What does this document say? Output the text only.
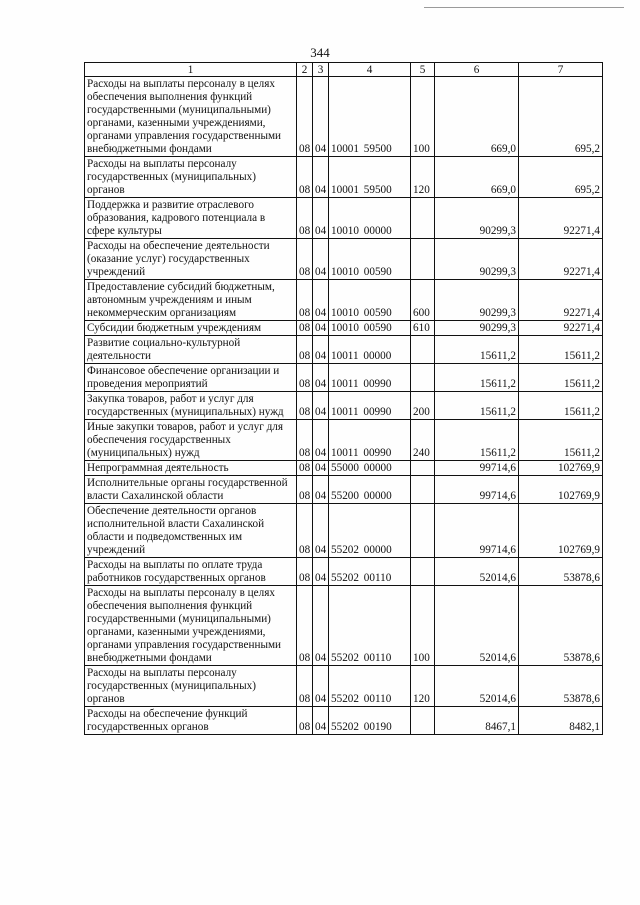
344
1	2	3	4	5	6	7
Расходы на выплаты персоналу в целях обеспечения выполнения функций государственными (муниципальными) органами, казенными учреждениями, органами управления государственными внебюджетными фондами	08	04	10001 59500	100	669,0	695,2
Расходы на выплаты персоналу государственных (муниципальных) органов	08	04	10001 59500	120	669,0	695,2
Поддержка и развитие отраслевого образования, кадрового потенциала в сфере культуры	08	04	10010 00000		90299,3	92271,4
Расходы на обеспечение деятельности (оказание услуг) государственных учреждений	08	04	10010 00590		90299,3	92271,4
Предоставление субсидий бюджетным, автономным учреждениям и иным некоммерческим организациям	08	04	10010 00590	600	90299,3	92271,4
Субсидии бюджетным учреждениям	08	04	10010 00590	610	90299,3	92271,4
Развитие социально-культурной деятельности	08	04	10011 00000		15611,2	15611,2
Финансовое обеспечение организации и проведения мероприятий	08	04	10011 00990		15611,2	15611,2
Закупка товаров, работ и услуг для государственных (муниципальных) нужд	08	04	10011 00990	200	15611,2	15611,2
Иные закупки товаров, работ и услуг для обеспечения государственных (муниципальных) нужд	08	04	10011 00990	240	15611,2	15611,2
Непрограммная деятельность	08	04	55000 00000		99714,6	102769,9
Исполнительные органы государственной власти Сахалинской области	08	04	55200 00000		99714,6	102769,9
Обеспечение деятельности органов исполнительной власти Сахалинской области и подведомственных им учреждений	08	04	55202 00000		99714,6	102769,9
Расходы на выплаты по оплате труда работников государственных органов	08	04	55202 00110		52014,6	53878,6
Расходы на выплаты персоналу в целях обеспечения выполнения функций государственными (муниципальными) органами, казенными учреждениями, органами управления государственными внебюджетными фондами	08	04	55202 00110	100	52014,6	53878,6
Расходы на выплаты персоналу государственных (муниципальных) органов	08	04	55202 00110	120	52014,6	53878,6
Расходы на обеспечение функций государственных органов	08	04	55202 00190		8467,1	8482,1
